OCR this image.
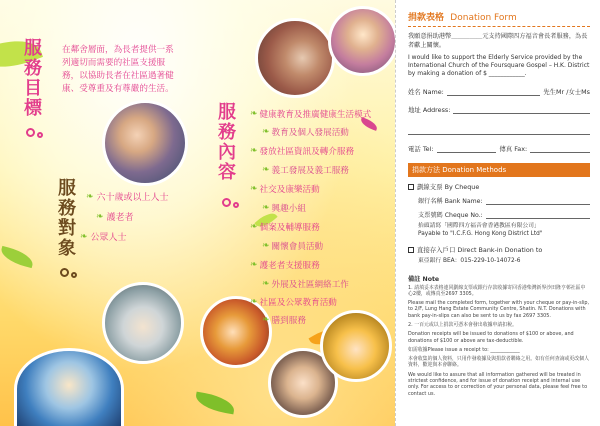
服務目標 在鄰舍層面，為長者提供一系列適切而需要的社區支援服務，以協助長者在社區過著健康、受尊重及有尊嚴的生活。
服務對象 ❧ 六十歲或以上人士
❧ 護老者
❧ 公眾人士
服務內容 ❧ 健康教育及推廣健康生活模式
❧ 教育及個人發展活動
❧ 發放社區資訊及轉介服務
❧ 義工發展及義工服務
❧ 社交及康樂活動
❧ 興趣小組
❧ 個案及輔導服務
❧ 關懷會員活動
❧ 護老者支援服務
❧ 外展及社區網絡工作
❧ 社區及公眾教育活動
❧ 膳到服務
捐款表格 Donation Form
我願意捐助港幣＿＿＿＿＿元支持國際四方福音會長者服務，為長者獻上關懷。
I would like to support the Elderly Service provided by the International Church of the Foursquare Gospel – H.K. District by making a donation of $ ____________.
姓名 Name:	先生Mr /女士Ms
地址 Address:
電話 Tel:	傳真 Fax:
捐款方法 Donation Methods
劃線支票 By Cheque
銀行名稱 Bank Name:
支票號碼 Cheque No.:
抬頭請寫「國際四方福音會香港教區有限公司」
Payable to "I.C.F.G. Hong Kong District Ltd"
直接存入戶口 Direct Bank-in Donation to
東亞銀行 BEA：015-229-10-14072-6
備註 Note

1. 請填妥本表格連同劃線支票或銀行存款收據寄回香港柴灣新界沙田隆亨邨社區中心2樓，或傳真至2697 3305。

Please mail the completed form, together with your cheque or pay-in-slip, to 2/F, Lung Hang Estate Community Centre, Shatin. N.T. Donations with bank pay-in-slips can also be sent to us by fax 2697 3305.

2. 一百元或以上捐款可憑本會發出收據申請扣稅。

Donation receipts will be issued to donations of $100 or above, and donations of $100 or above are tax-deductible.

如需收據Please issue a receipt to: ____________

本會收集的個人資料，只用作發收據及與捐款者聯絡之用。如有任何查詢或更改個人資料，歡迎與本會聯絡。

We would like to assure that all information gathered will be treated in strictest confidence, and for issue of donation receipt and internal use only. For access to or correction of your personal data, please feel free to contact us.
